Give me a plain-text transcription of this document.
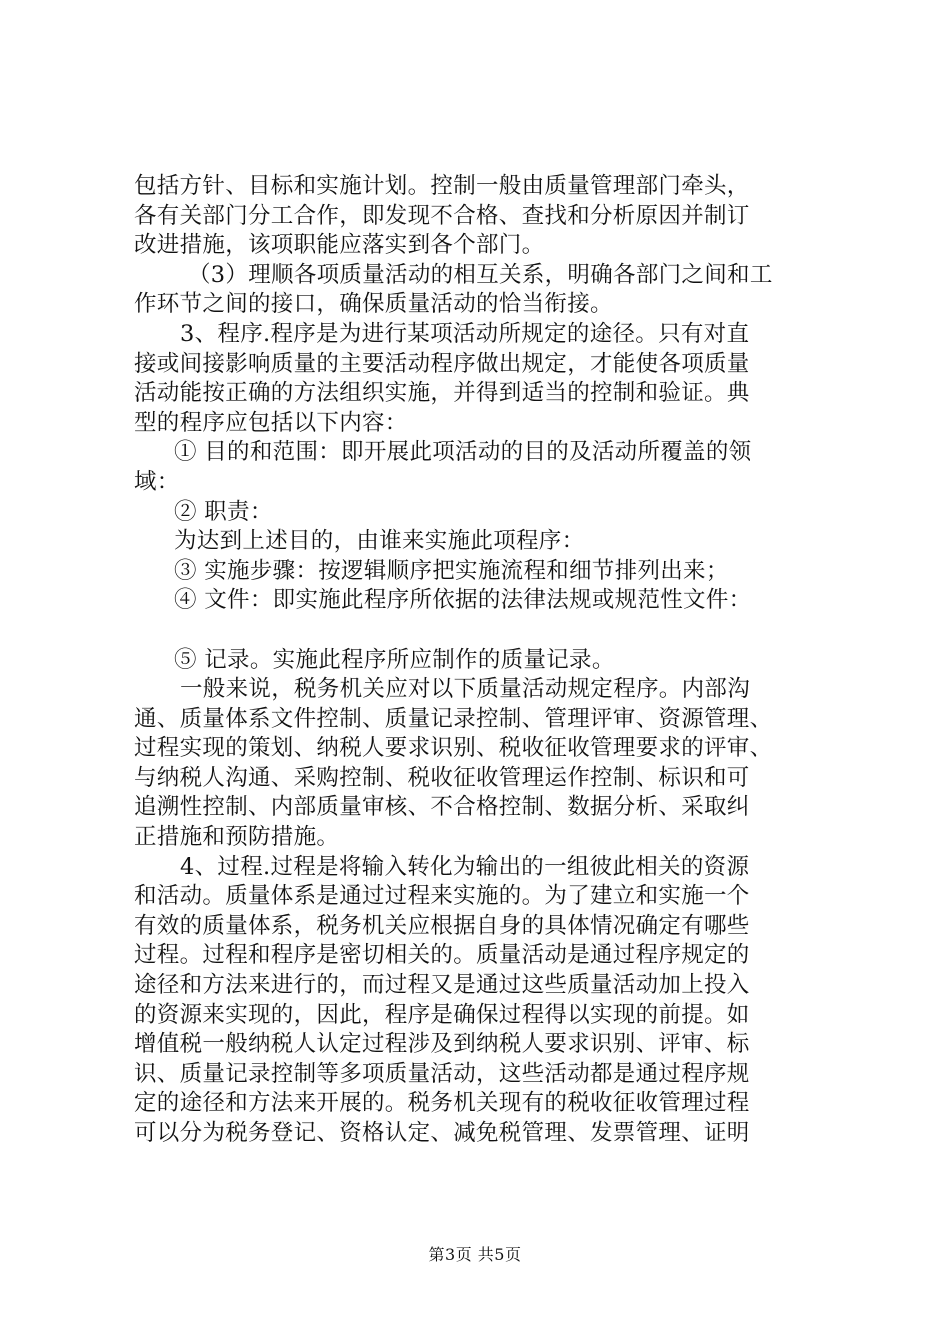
包括方针、目标和实施计划。控制一般由质量管理部门牵头，
各有关部门分工合作，即发现不合格、查找和分析原因并制订
改进措施，该项职能应落实到各个部门。
（3）理顺各项质量活动的相互关系，明确各部门之间和工
作环节之间的接口，确保质量活动的恰当衔接。
3、程序.程序是为进行某项活动所规定的途径。只有对直
接或间接影响质量的主要活动程序做出规定，才能使各项质量
活动能按正确的方法组织实施，并得到适当的控制和验证。典
型的程序应包括以下内容：
① 目的和范围：即开展此项活动的目的及活动所覆盖的领
域：
② 职责：
为达到上述目的，由谁来实施此项程序：
③ 实施步骤：按逻辑顺序把实施流程和细节排列出来；
④ 文件：即实施此程序所依据的法律法规或规范性文件：
⑤ 记录。实施此程序所应制作的质量记录。
一般来说，税务机关应对以下质量活动规定程序。内部沟
通、质量体系文件控制、质量记录控制、管理评审、资源管理、
过程实现的策划、纳税人要求识别、税收征收管理要求的评审、
与纳税人沟通、采购控制、税收征收管理运作控制、标识和可
追溯性控制、内部质量审核、不合格控制、数据分析、采取纠
正措施和预防措施。
4、过程.过程是将输入转化为输出的一组彼此相关的资源
和活动。质量体系是通过过程来实施的。为了建立和实施一个
有效的质量体系，税务机关应根据自身的具体情况确定有哪些
过程。过程和程序是密切相关的。质量活动是通过程序规定的
途径和方法来进行的，而过程又是通过这些质量活动加上投入
的资源来实现的，因此，程序是确保过程得以实现的前提。如
增值税一般纳税人认定过程涉及到纳税人要求识别、评审、标
识、质量记录控制等多项质量活动，这些活动都是通过程序规
定的途径和方法来开展的。税务机关现有的税收征收管理过程
可以分为税务登记、资格认定、减免税管理、发票管理、证明
第3页 共5页
